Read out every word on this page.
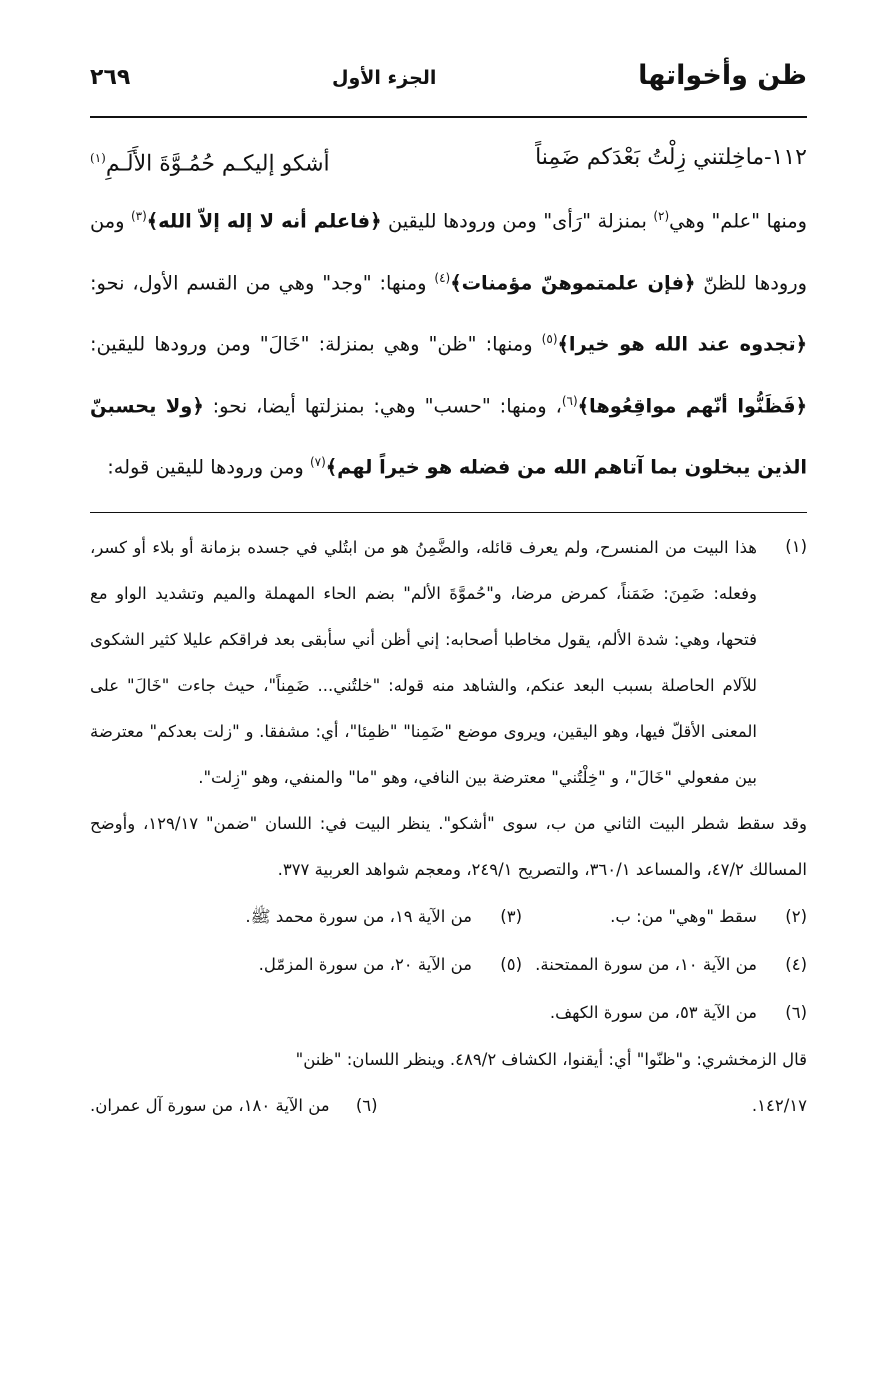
ظن وأخواتها
الجزء الأول
٢٦٩
١١٢-ماخِلتني زِلْتُ بَعْدَكم ضَمِناً
أشكو إليكـم حُمُـوَّةَ الأَلَـمِ$^{(١)}$
ومنها "علم" وهي$^{(٢)}$ بمنزلة "رَأى" ومن ورودها لليقين ﴿فاعلم أنه لا إله إلاّ الله﴾$^{(٣)}$ ومن ورودها للظنّ ﴿فإن علمتموهنّ مؤمنات﴾$^{(٤)}$ ومنها: "وجد" وهي من القسم الأول، نحو: ﴿تجدوه عند الله هو خيرا﴾$^{(٥)}$ ومنها: "ظن" وهي بمنزلة: "خَالَ" ومن ورودها لليقين: ﴿فَظَنُّوا أنّهم مواقِعُوها﴾$^{(٦)}$، ومنها: "حسب" وهي: بمنزلتها أيضا، نحو: ﴿ولا يحسبنّ الذين يبخلون بما آتاهم الله من فضله هو خيراً لهم﴾$^{(٧)}$ ومن ورودها لليقين قوله:
(١)
هذا البيت من المنسرح، ولم يعرف قائله، والضَّمِنُ هو من ابتُلي في جسده بزمانة أو بلاء أو كسر، وفعله: ضَمِنَ: ضَمَناً، كمرض مرضا، و"حُموَّةَ الألم" بضم الحاء المهملة والميم وتشديد الواو مع فتحها، وهي: شدة الألم، يقول مخاطبا أصحابه: إني أظن أني سأبقى بعد فراقكم عليلا كثير الشكوى للآلام الحاصلة بسبب البعد عنكم، والشاهد منه قوله: "خلتُني... ضَمِناً"، حيث جاءت "خَالَ" على المعنى الأقلّ فيها، وهو اليقين، ويروى موضع "ضَمِنا" "ظمِئا"، أي: مشفقا. و "زلت بعدكم" معترضة بين مفعولي "خَالَ"، و "خِلْتُني" معترضة بين النافي، وهو "ما" والمنفي، وهو "زِلت".
وقد سقط شطر البيت الثاني من ب، سوى "أشكو". ينظر البيت في: اللسان "ضمن" ١٢٩/١٧، وأوضح المسالك ٤٧/٢، والمساعد ٣٦٠/١، والتصريح ٢٤٩/١، ومعجم شواهد العربية ٣٧٧.
(٢)
سقط "وهي" من: ب.
(٣)
من الآية ١٩، من سورة محمد ﷺ.
(٤)
من الآية ١٠، من سورة الممتحنة.
(٥)
من الآية ٢٠، من سورة المزمّل.
(٦)
من الآية ٥٣، من سورة الكهف.
قال الزمخشري: و"ظنّوا" أي: أيقنوا، الكشاف ٤٨٩/٢. وينظر اللسان: "ظنن"
١٤٢/١٧.
(٦)     من الآية ١٨٠، من سورة آل عمران.
